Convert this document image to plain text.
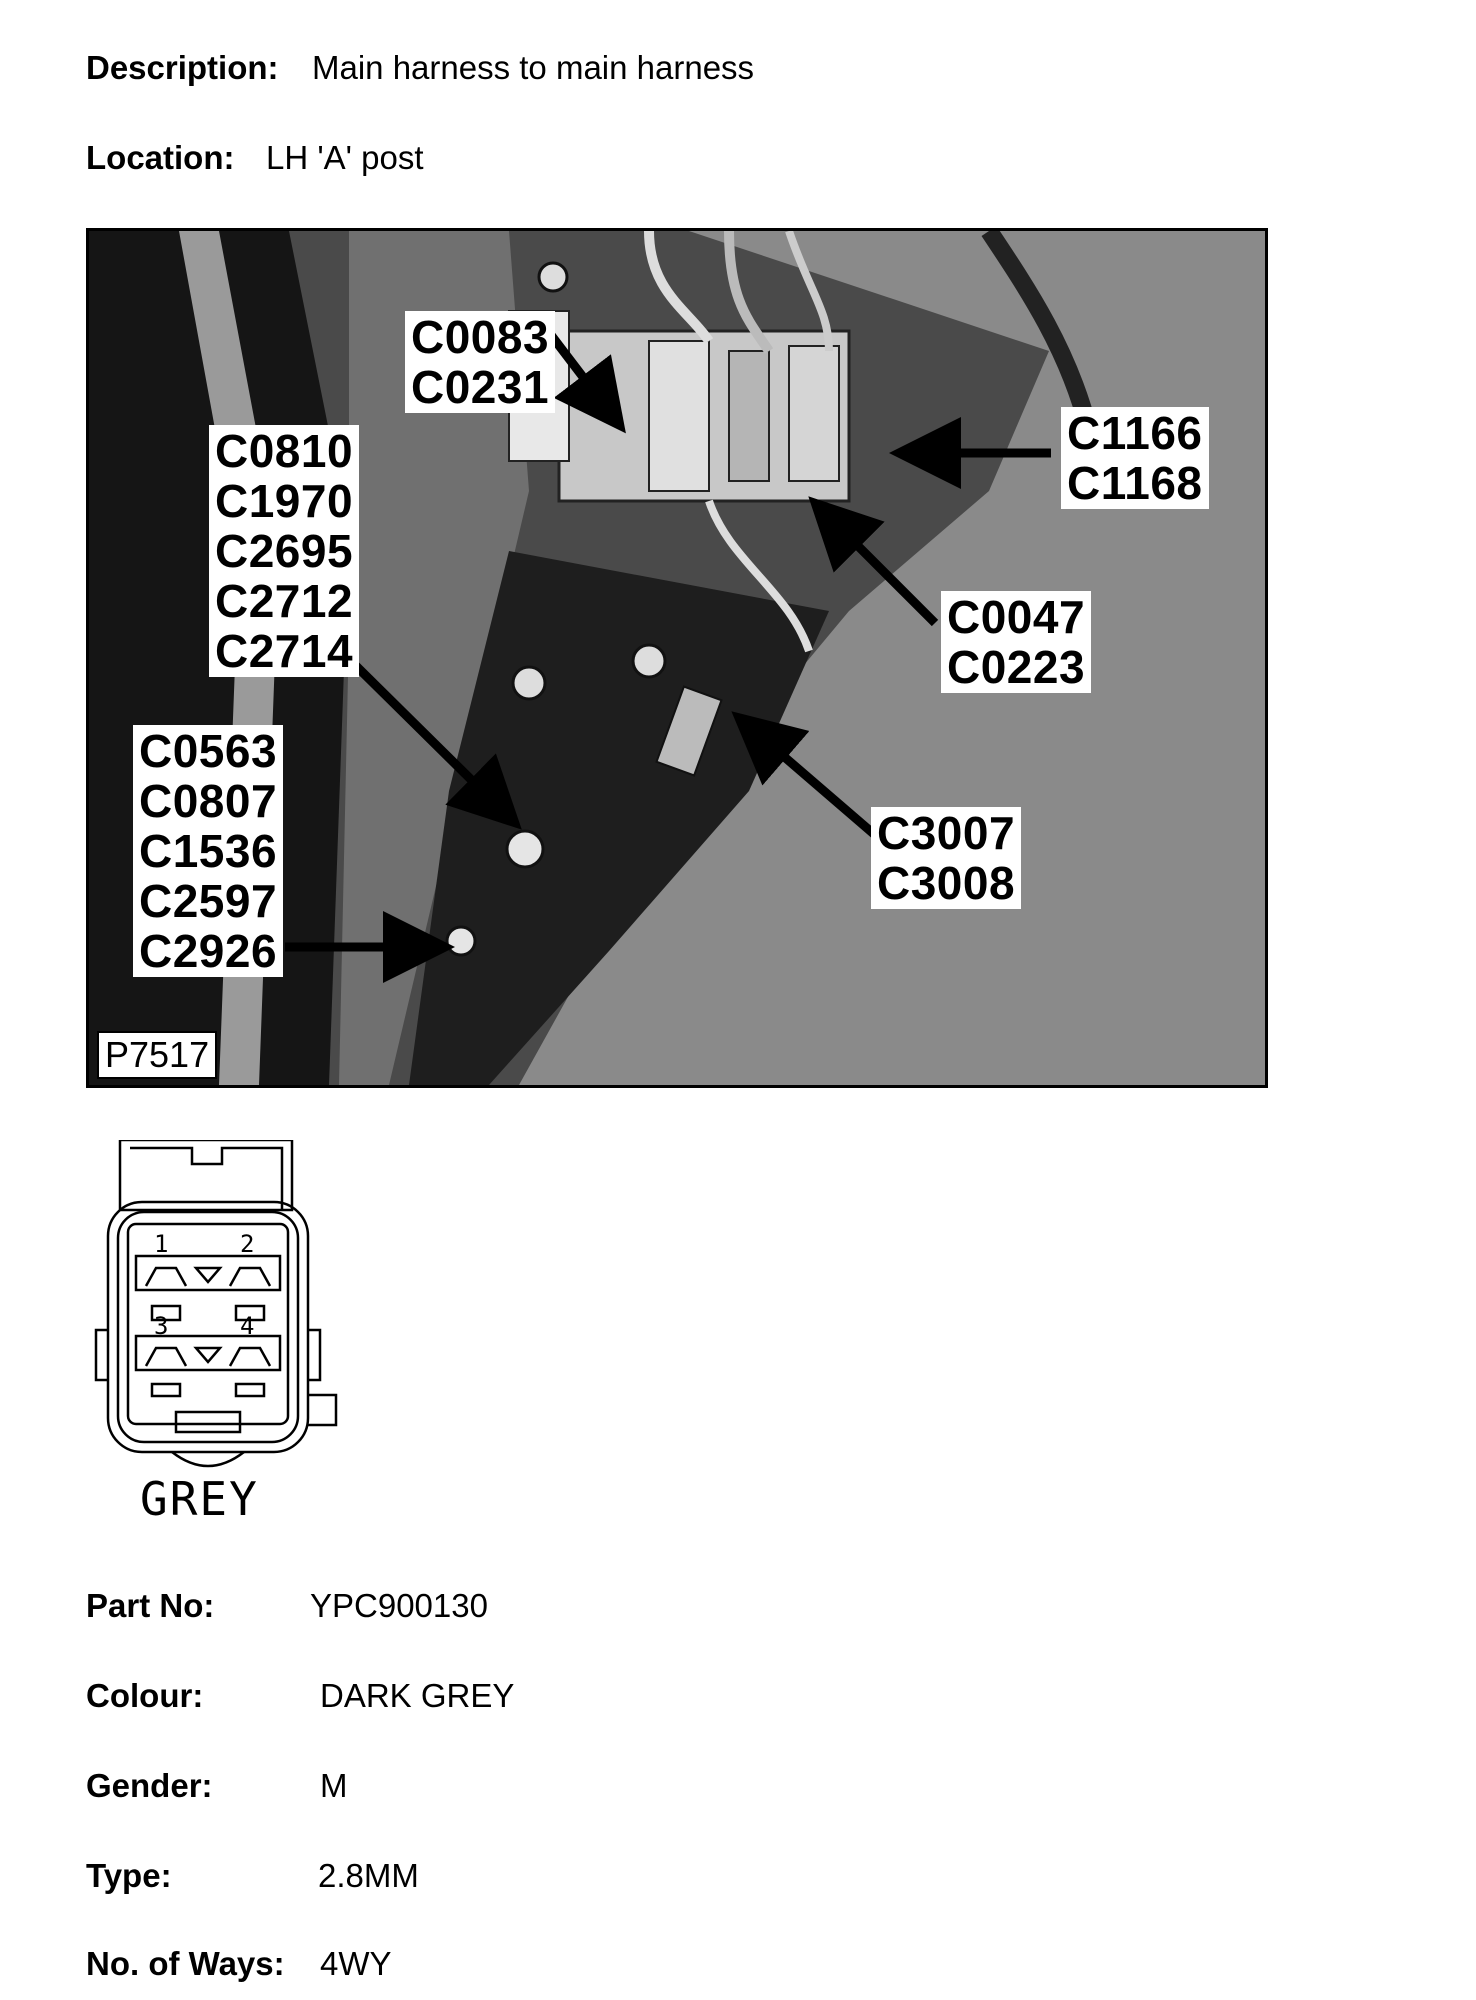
Description: Main harness to main harness
Location: LH 'A' post
C0083
C0231
C0810
C1970
C2695
C2712
C2714
C1166
C1168
C0047
C0223
C0563
C0807
C1536
C2597
C2926
C3007
C3008
P7517
1	2
3	4
GREY
Part No:	YPC900130
Colour:	DARK GREY
Gender:	M
Type:	2.8MM
No. of Ways: 4WY
